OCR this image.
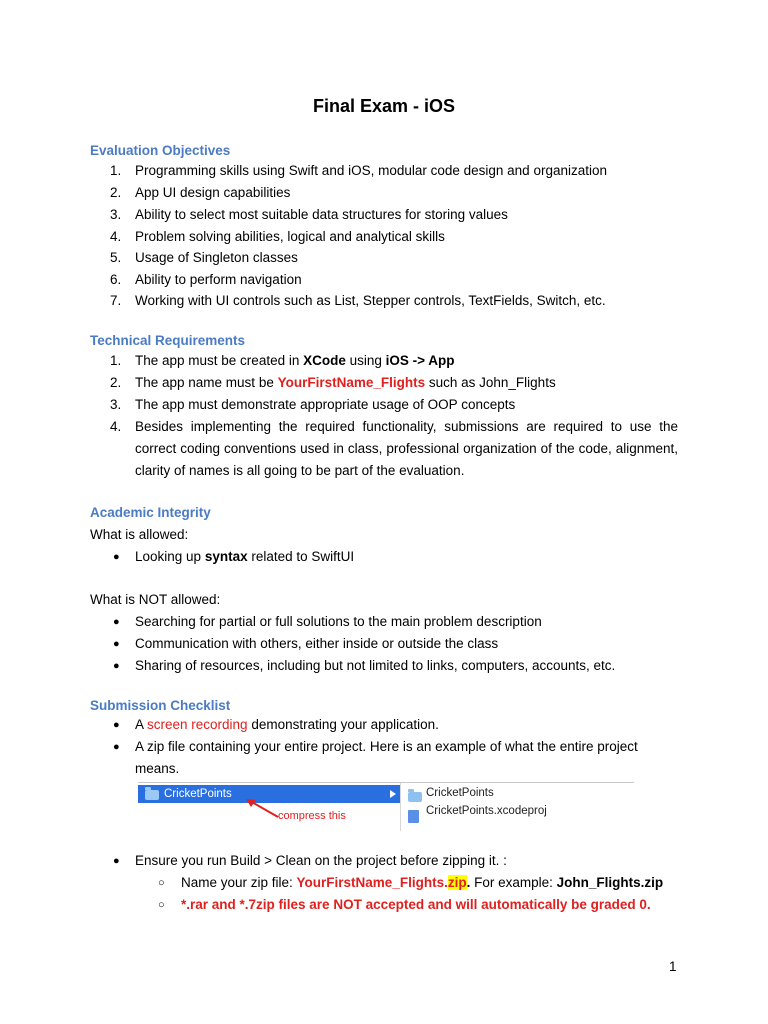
Final Exam - iOS
Evaluation Objectives
1.	Programming skills using Swift and iOS, modular code design and organization
2.	App UI design capabilities
3.	Ability to select most suitable data structures for storing values
4.	Problem solving abilities, logical and analytical skills
5.	Usage of Singleton classes
6.	Ability to perform navigation
7.	Working with UI controls such as List, Stepper controls, TextFields, Switch, etc.
Technical Requirements
1.	The app must be created in XCode using iOS -> App
2.	The app name must be YourFirstName_Flights such as John_Flights
3.	The app must demonstrate appropriate usage of OOP concepts
4.	Besides implementing the required functionality, submissions are required to use the correct coding conventions used in class, professional organization of the code, alignment, clarity of names is all going to be part of the evaluation.
Academic Integrity
What is allowed:
● Looking up syntax related to SwiftUI
What is NOT allowed:
● Searching for partial or full solutions to the main problem description
● Communication with others, either inside or outside the class
● Sharing of resources, including but not limited to links, computers, accounts, etc.
Submission Checklist
● A screen recording demonstrating your application.
● A zip file containing your entire project. Here is an example of what the entire project
means.
CricketPoints
compress this
CricketPoints
CricketPoints.xcodeproj
● Ensure you run Build > Clean on the project before zipping it. :
○ Name your zip file: YourFirstName_Flights.zip. For example: John_Flights.zip
○ *.rar and *.7zip files are NOT accepted and will automatically be graded 0.
1
